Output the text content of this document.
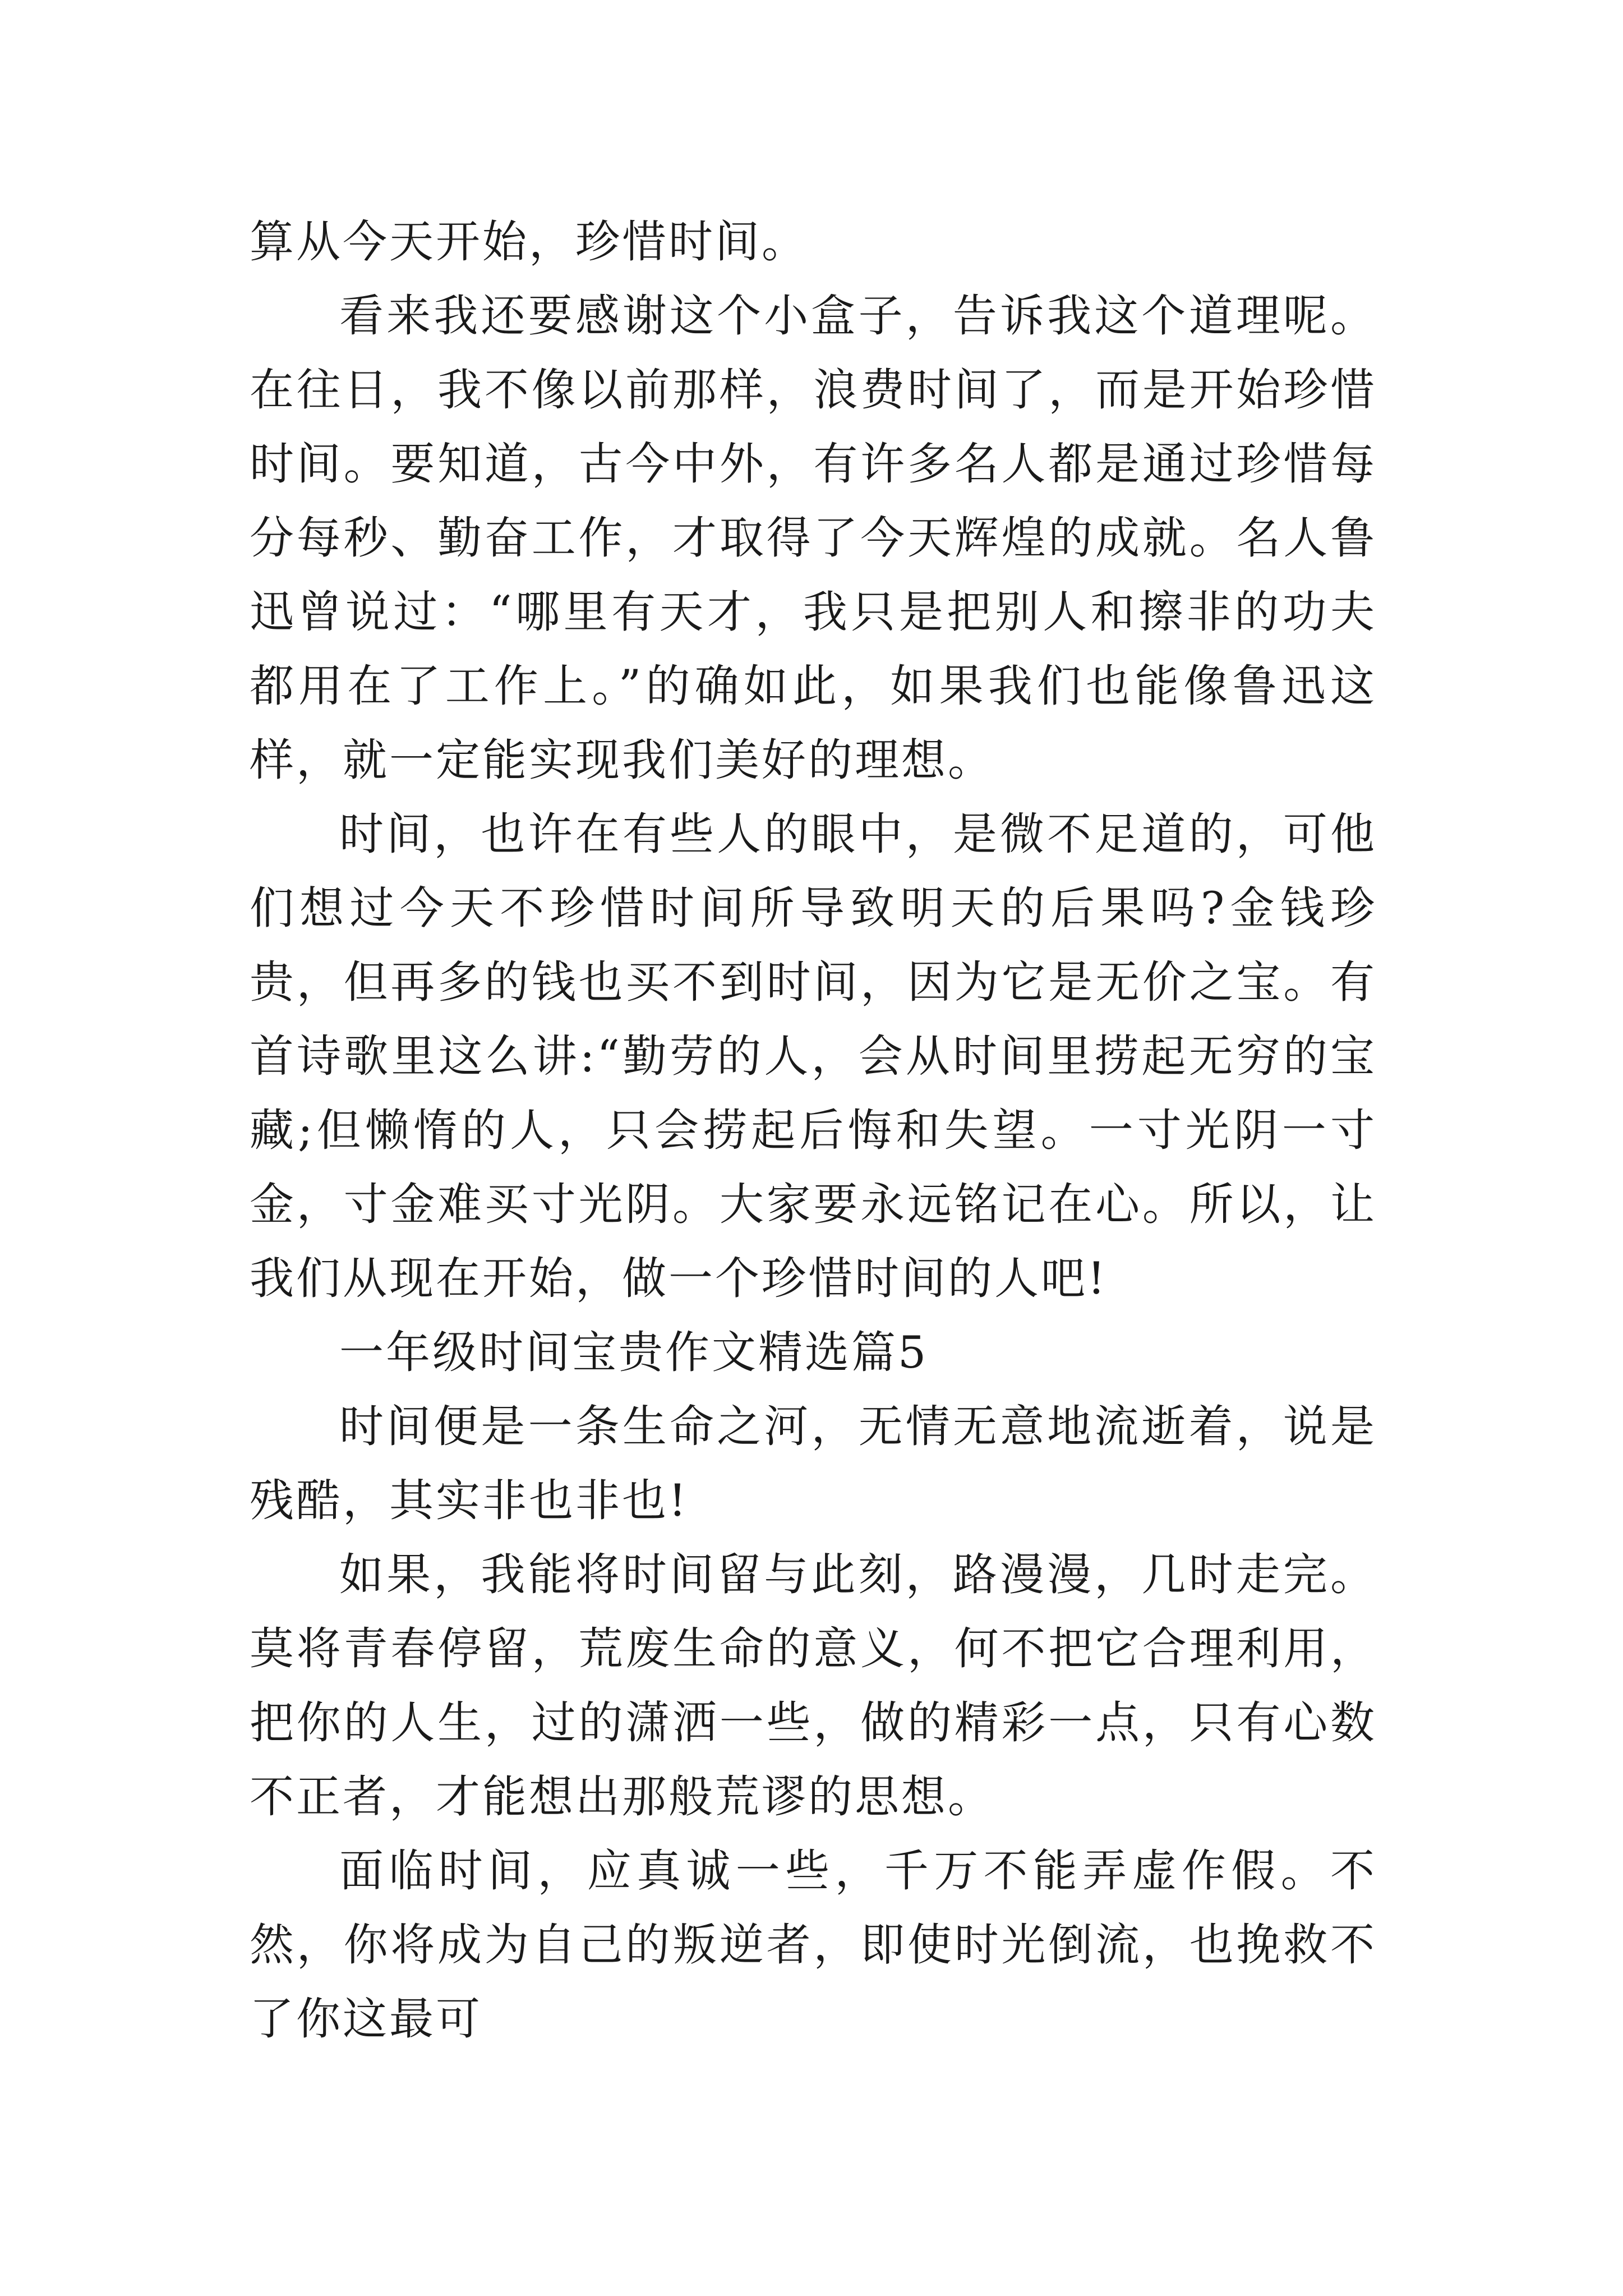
算从今天开始，珍惜时间。

看来我还要感谢这个小盒子，告诉我这个道理呢。在往日，我不像以前那样，浪费时间了，而是开始珍惜时间。要知道，古今中外，有许多名人都是通过珍惜每分每秒、勤奋工作，才取得了今天辉煌的成就。名人鲁迅曾说过：“哪里有天才，我只是把别人和擦非的功夫都用在了工作上。”的确如此，如果我们也能像鲁迅这样，就一定能实现我们美好的理想。

时间，也许在有些人的眼中，是微不足道的，可他们想过今天不珍惜时间所导致明天的后果吗?金钱珍贵，但再多的钱也买不到时间，因为它是无价之宝。有首诗歌里这么讲:“勤劳的人，会从时间里捞起无穷的宝藏;但懒惰的人，只会捞起后悔和失望。一寸光阴一寸金，寸金难买寸光阴。大家要永远铭记在心。所以，让我们从现在开始，做一个珍惜时间的人吧!

一年级时间宝贵作文精选篇5

时间便是一条生命之河，无情无意地流逝着，说是残酷，其实非也非也!

如果，我能将时间留与此刻，路漫漫，几时走完。莫将青春停留，荒废生命的意义，何不把它合理利用，把你的人生，过的潇洒一些，做的精彩一点，只有心数不正者，才能想出那般荒谬的思想。

面临时间，应真诚一些，千万不能弄虚作假。不然，你将成为自己的叛逆者，即使时光倒流，也挽救不了你这最可
